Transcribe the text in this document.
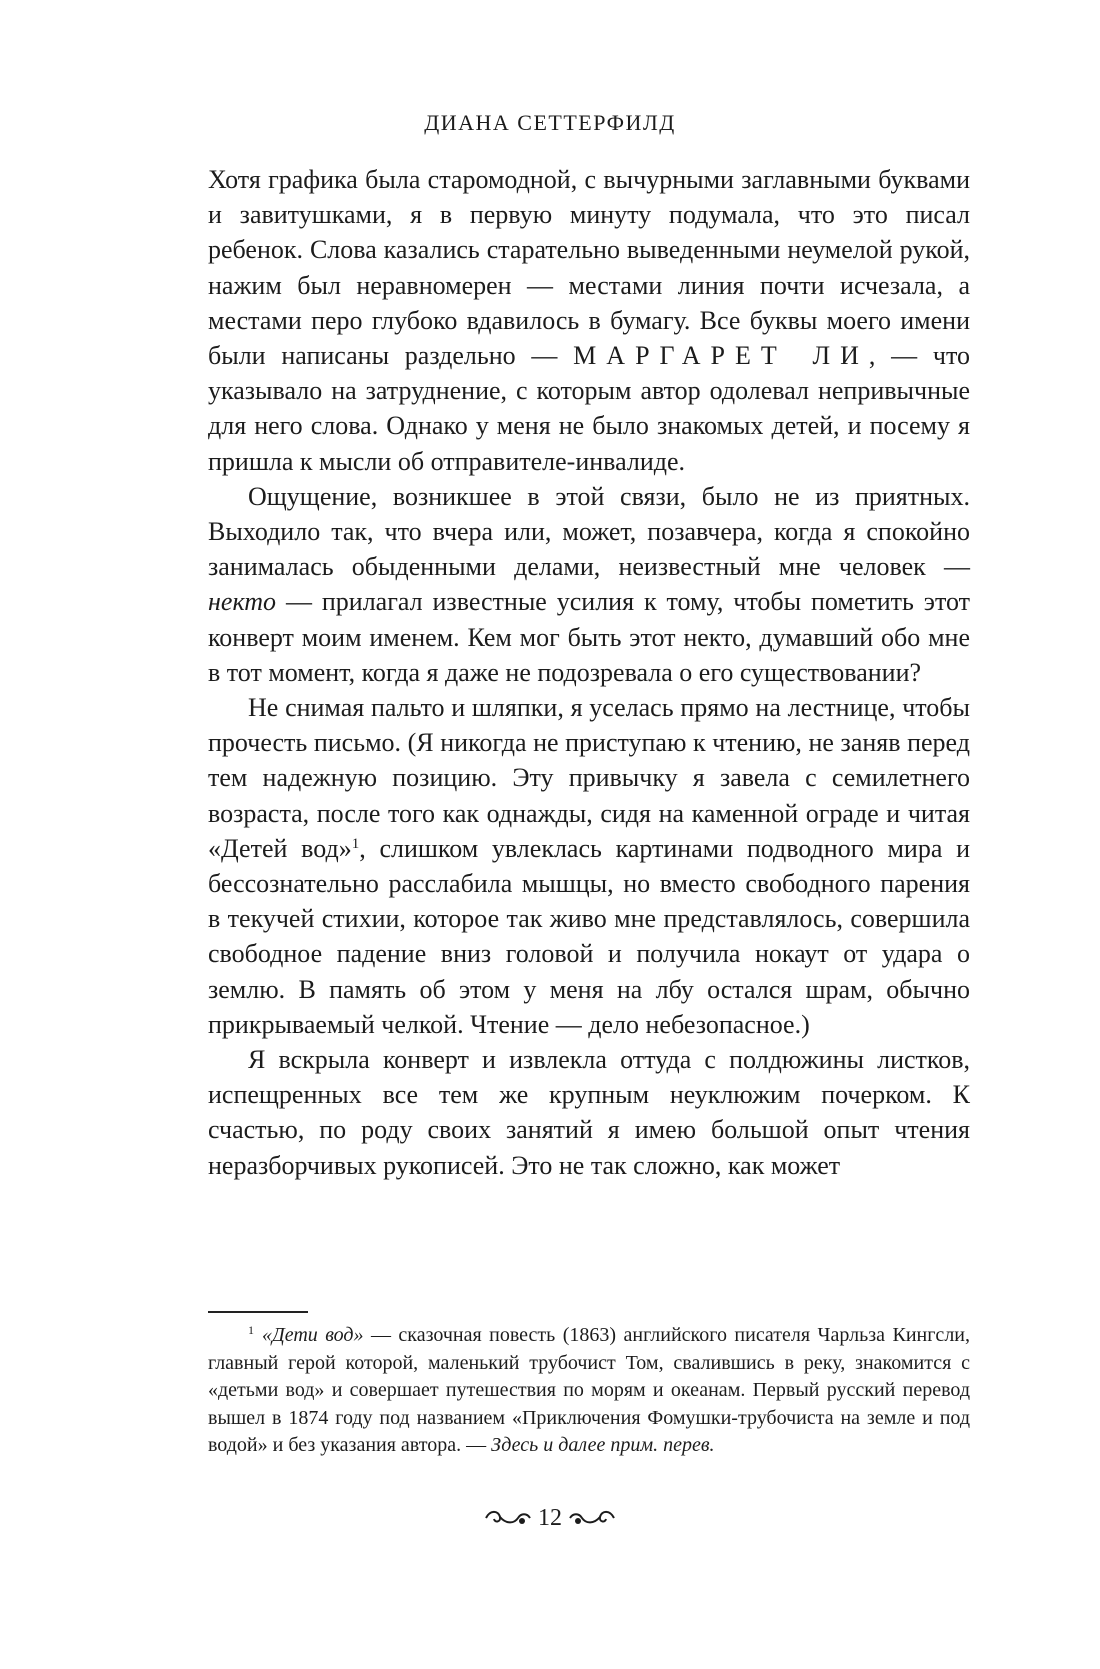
ДИАНА СЕТТЕРФИЛД

Хотя графика была старомодной, с вычурными заглавными буквами и завитушками, я в первую минуту подумала, что это писал ребенок. Слова казались старательно выведенными неумелой рукой, нажим был неравномерен — местами линия почти исчезала, а местами перо глубоко вдавилось в бумагу. Все буквы моего имени были написаны раздельно — МАРГАРЕТ ЛИ, — что указывало на затруднение, с которым автор одолевал непривычные для него слова. Однако у меня не было знакомых детей, и посему я пришла к мысли об отправителе-инвалиде.

Ощущение, возникшее в этой связи, было не из приятных. Выходило так, что вчера или, может, позавчера, когда я спокойно занималась обыденными делами, неизвестный мне человек — некто — прилагал известные усилия к тому, чтобы пометить этот конверт моим именем. Кем мог быть этот некто, думавший обо мне в тот момент, когда я даже не подозревала о его существовании?

Не снимая пальто и шляпки, я уселась прямо на лестнице, чтобы прочесть письмо. (Я никогда не приступаю к чтению, не заняв перед тем надежную позицию. Эту привычку я завела с семилетнего возраста, после того как однажды, сидя на каменной ограде и читая «Детей вод»$^1$, слишком увлеклась картинами подводного мира и бессознательно расслабила мышцы, но вместо свободного парения в текучей стихии, которое так живо мне представлялось, совершила свободное падение вниз головой и получила нокаут от удара о землю. В память об этом у меня на лбу остался шрам, обычно прикрываемый челкой. Чтение — дело небезопасное.)

Я вскрыла конверт и извлекла оттуда с полдюжины листков, испещренных все тем же крупным неуклюжим почерком. К счастью, по роду своих занятий я имею большой опыт чтения неразборчивых рукописей. Это не так сложно, как может

$^1$ «Дети вод» — сказочная повесть (1863) английского писателя Чарльза Кингсли, главный герой которой, маленький трубочист Том, свалившись в реку, знакомится с «детьми вод» и совершает путешествия по морям и океанам. Первый русский перевод вышел в 1874 году под названием «Приключения Фомушки-трубочиста на земле и под водой» и без указания автора. — Здесь и далее прим. перев.

12
